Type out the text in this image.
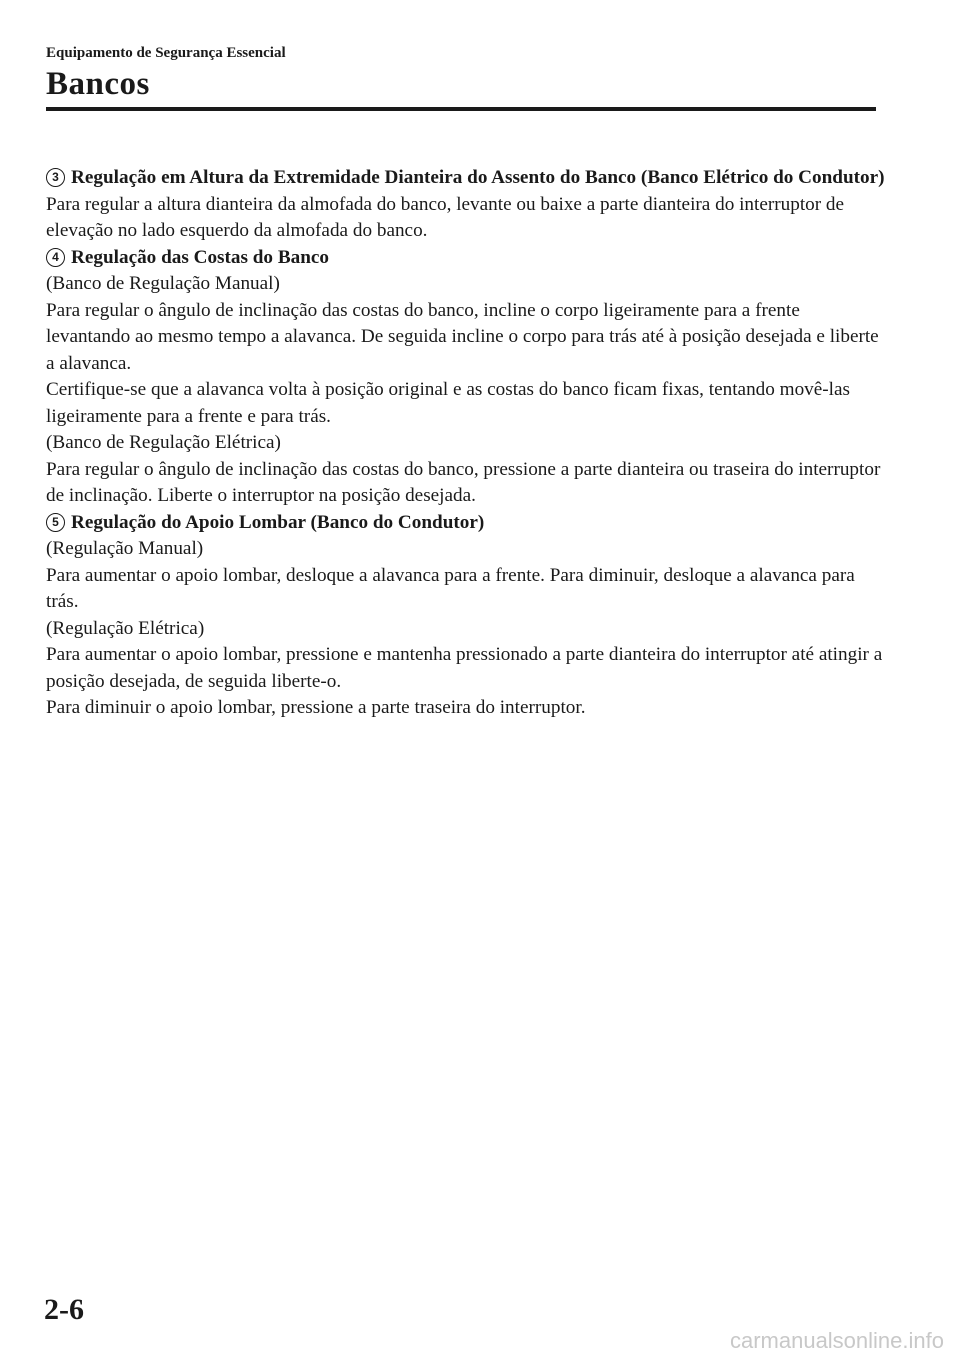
Equipamento de Segurança Essencial

Bancos

3 Regulação em Altura da Extremidade Dianteira do Assento do Banco (Banco Elétrico do Condutor)

Para regular a altura dianteira da almofada do banco, levante ou baixe a parte dianteira do interruptor de elevação no lado esquerdo da almofada do banco.

4 Regulação das Costas do Banco

(Banco de Regulação Manual)

Para regular o ângulo de inclinação das costas do banco, incline o corpo ligeiramente para a frente levantando ao mesmo tempo a alavanca. De seguida incline o corpo para trás até à posição desejada e liberte a alavanca.

Certifique-se que a alavanca volta à posição original e as costas do banco ficam fixas, tentando movê-las ligeiramente para a frente e para trás.

(Banco de Regulação Elétrica)

Para regular o ângulo de inclinação das costas do banco, pressione a parte dianteira ou traseira do interruptor de inclinação. Liberte o interruptor na posição desejada.

5 Regulação do Apoio Lombar (Banco do Condutor)

(Regulação Manual)

Para aumentar o apoio lombar, desloque a alavanca para a frente. Para diminuir, desloque a alavanca para trás.

(Regulação Elétrica)

Para aumentar o apoio lombar, pressione e mantenha pressionado a parte dianteira do interruptor até atingir a posição desejada, de seguida liberte-o.

Para diminuir o apoio lombar, pressione a parte traseira do interruptor.

2-6
carmanualsonline.info
